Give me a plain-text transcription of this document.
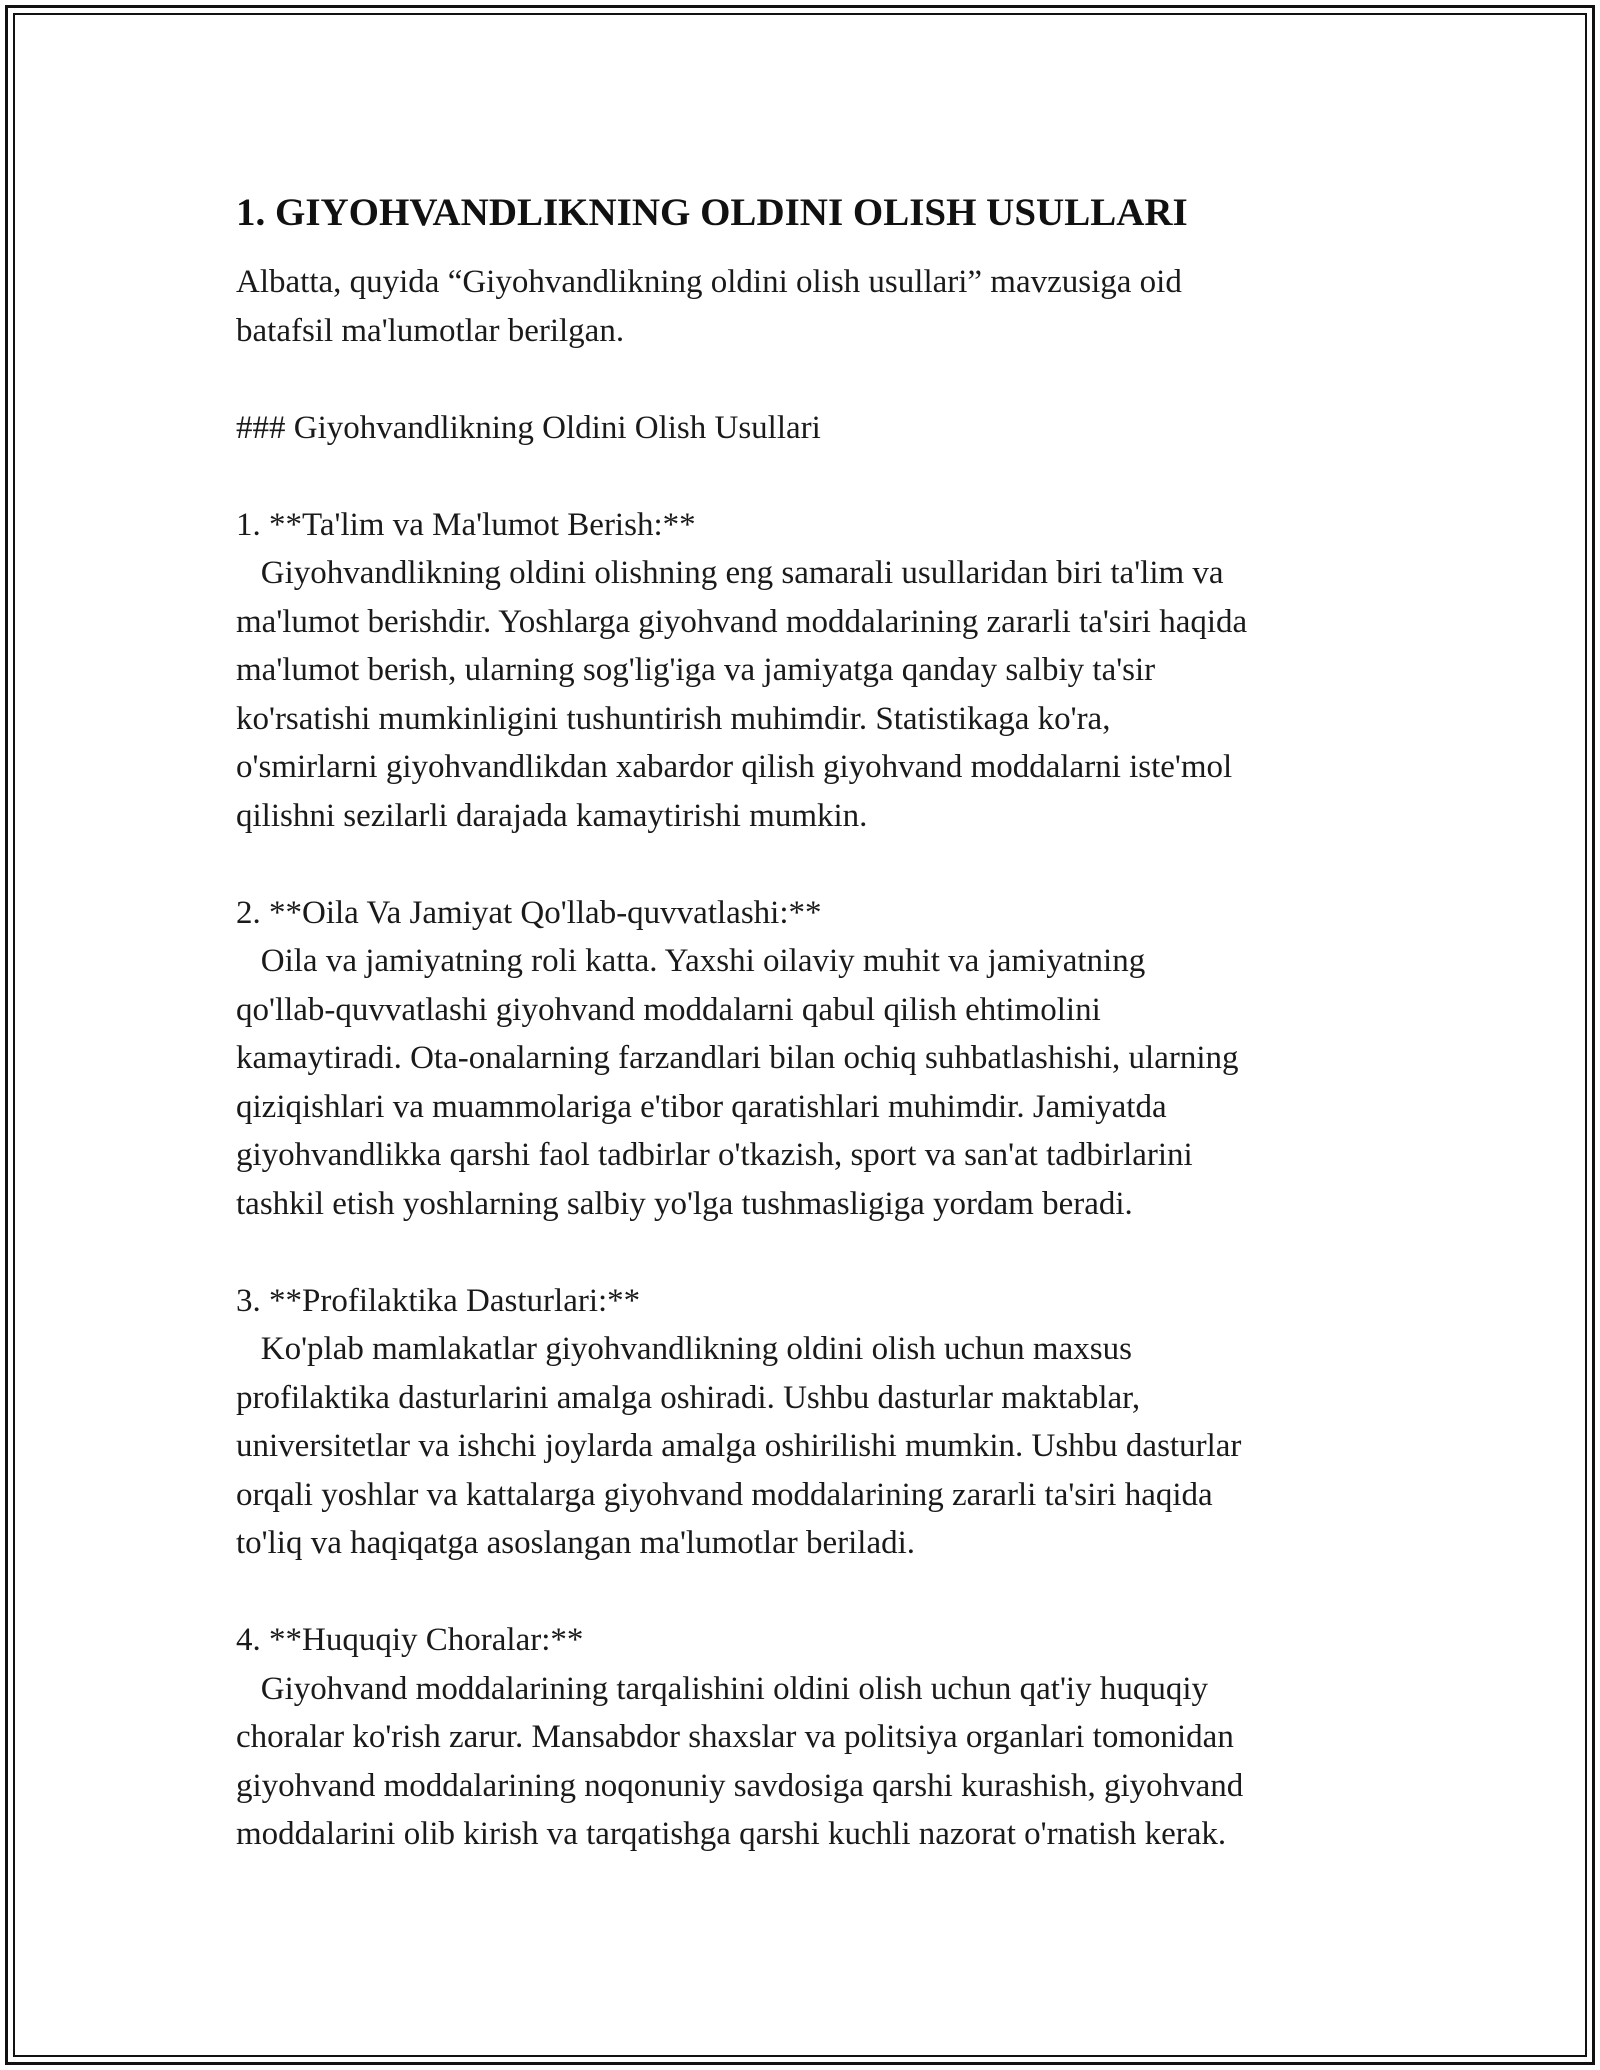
1. GIYOHVANDLIKNING OLDINI OLISH USULLARI

Albatta, quyida “Giyohvandlikning oldini olish usullari” mavzusiga oid
batafsil ma'lumotlar berilgan.

### Giyohvandlikning Oldini Olish Usullari

1. **Ta'lim va Ma'lumot Berish:**

Giyohvandlikning oldini olishning eng samarali usullaridan biri ta'lim va
ma'lumot berishdir. Yoshlarga giyohvand moddalarining zararli ta'siri haqida
ma'lumot berish, ularning sog'lig'iga va jamiyatga qanday salbiy ta'sir
ko'rsatishi mumkinligini tushuntirish muhimdir. Statistikaga ko'ra,
o'smirlarni giyohvandlikdan xabardor qilish giyohvand moddalarni iste'mol
qilishni sezilarli darajada kamaytirishi mumkin.

2. **Oila Va Jamiyat Qo'llab-quvvatlashi:**

Oila va jamiyatning roli katta. Yaxshi oilaviy muhit va jamiyatning
qo'llab-quvvatlashi giyohvand moddalarni qabul qilish ehtimolini
kamaytiradi. Ota-onalarning farzandlari bilan ochiq suhbatlashishi, ularning
qiziqishlari va muammolariga e'tibor qaratishlari muhimdir. Jamiyatda
giyohvandlikka qarshi faol tadbirlar o'tkazish, sport va san'at tadbirlarini
tashkil etish yoshlarning salbiy yo'lga tushmasligiga yordam beradi.

3. **Profilaktika Dasturlari:**

Ko'plab mamlakatlar giyohvandlikning oldini olish uchun maxsus
profilaktika dasturlarini amalga oshiradi. Ushbu dasturlar maktablar,
universitetlar va ishchi joylarda amalga oshirilishi mumkin. Ushbu dasturlar
orqali yoshlar va kattalarga giyohvand moddalarining zararli ta'siri haqida
to'liq va haqiqatga asoslangan ma'lumotlar beriladi.

4. **Huquqiy Choralar:**

Giyohvand moddalarining tarqalishini oldini olish uchun qat'iy huquqiy
choralar ko'rish zarur. Mansabdor shaxslar va politsiya organlari tomonidan
giyohvand moddalarining noqonuniy savdosiga qarshi kurashish, giyohvand
moddalarini olib kirish va tarqatishga qarshi kuchli nazorat o'rnatish kerak.
